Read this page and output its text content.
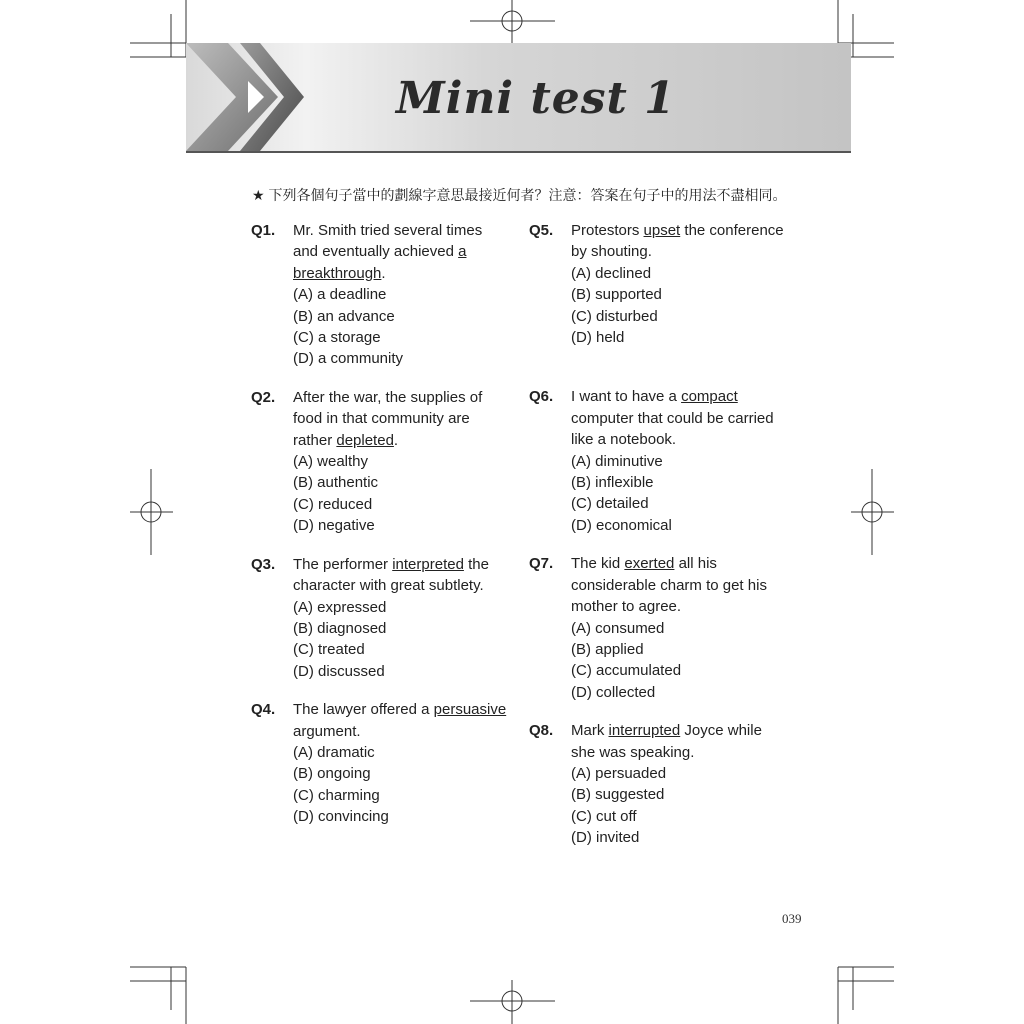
Mini test 1
★ 下列各個句子當中的劃線字意思最接近何者？注意：答案在句子中的用法不盡相同。
Q1. Mr. Smith tried several times and eventually achieved a breakthrough.
(A) a deadline
(B) an advance
(C) a storage
(D) a community
Q2. After the war, the supplies of food in that community are rather depleted.
(A) wealthy
(B) authentic
(C) reduced
(D) negative
Q3. The performer interpreted the character with great subtlety.
(A) expressed
(B) diagnosed
(C) treated
(D) discussed
Q4. The lawyer offered a persuasive argument.
(A) dramatic
(B) ongoing
(C) charming
(D) convincing
Q5. Protestors upset the conference by shouting.
(A) declined
(B) supported
(C) disturbed
(D) held
Q6. I want to have a compact computer that could be carried like a notebook.
(A) diminutive
(B) inflexible
(C) detailed
(D) economical
Q7. The kid exerted all his considerable charm to get his mother to agree.
(A) consumed
(B) applied
(C) accumulated
(D) collected
Q8. Mark interrupted Joyce while she was speaking.
(A) persuaded
(B) suggested
(C) cut off
(D) invited
039
